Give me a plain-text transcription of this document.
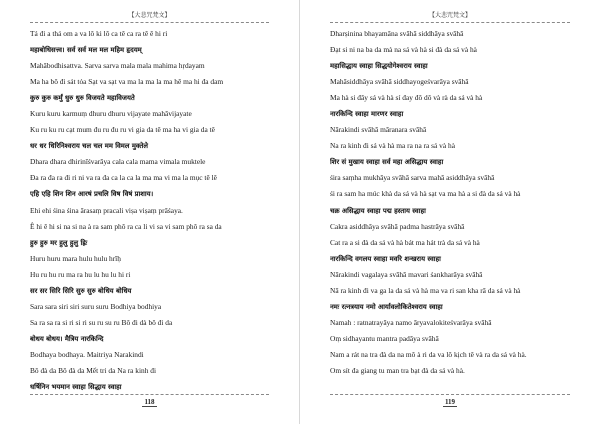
【大悲咒梵文】
Tá đi a thá om a va lô ki lô ca tê ca ra tê ê hi ri
महाबोधिसत्त्व। सर्व सर्व मल मल महिम हृदयम्
Mahābodhisattva. Sarva sarva mala mala mahima hṛdayam
Ma ha bô đi sát tỏa Sạt va sạt va ma la ma la ma hê ma hi đa dam
कुरु कुरु कर्मुं धुरु धुरु विजयते महाविजयते
Kuru kuru karmuṃ dhuru dhuru vijayate mahāvijayate
Ku ru ku ru cạt mum đu ru đu ru vi gia da tê ma ha vi gia da tê
धर धर धिरिनिश्वराय चल चल मम विमल मुक्तेले
Dhara dhara dhirinīśvarāya cala cala mama vimala muktele
Đa ra đa ra đi ri ni va ra đa ca la ca la ma ma vi ma la mục tê lê
एहि एहि शिन शिन आरषं प्रचलि विष विषं प्राशाय।
Ehi ehi śina śina ārasaṃ pracali viṣa viṣaṃ prāśaya.
Ê hi ê hi si na si na à ra sam phô ra ca li vi sa vi sam phô ra sa da
हुरु हुरु मर हुलु हुलु ह्रिः
Huru huru mara hulu hulu hrīḥ
Hu ru hu ru ma ra hu lu hu lu hi ri
सर सर सिरि सिरि सुरु सुरु बोधिय बोधिय
Sara sara siri siri suru suru Bodhiya bodhiya
Sa ra sa ra si ri si ri su ru su ru Bô đi dà bô đi da
बोधय बोधय। मैत्रिय नारकिन्दि
Bodhaya bodhaya. Maitriya Narakindi
Bô đà da Bô đà da Mết tri da Na ra kinh đi
धर्षिनिन भयमान स्वाहा सिद्धाय स्वाहा
118
【大悲咒梵文】
Dharṣinina bhayamāna svāhā siddhāya svāhā
Đạt si ni na ba da mà na sá và hà si đà da sá và hà
महासिद्धाय स्वाहा सिद्धयोगेश्वराय स्वाहा
Mahāsiddhāya svāhā siddhayogeśvarāya svāhā
Ma hà si đây sá và hà sí đay đô dô và rà da sá và hà
नारकिन्दि स्वाहा मारणर स्वाहा
Nārakindi svāhā māranara svāhā
Na ra kinh đi sá và hà ma ra na ra sá và hà
शिर सं मुखाय स्वाहा सर्व महा असिद्धाय स्वाहा
śira saṃha mukhāya svāhā sarva mahā asiddhāya svāhā
śi ra sam ha múc khà da sá và hà sạt va ma hà a si đà da sá và hà
चक्र असिद्धाय स्वाहा पद्म हस्ताय स्वाहा
Cakra asiddhāya svāhā padma hastrāya svāhā
Cat ra a si đà da sá và hà bát ma hát trà da sá và hà
नारकिन्दि वगलय स्वाहा मवरि शन्खराय स्वाहा
Nārakindi vagalaya svāhā mavari śankharāya svāhā
Nā ra kinh đi va ga la da sá và hà ma va ri san kha rā da sá và hà
नमः रत्नत्रयाय नमो आर्यावलोकितेश्वराय स्वाहा
Namah : ratnatrayāya namo āryavalokiteśvarāya svāhā
Oṃ sidhayantu mantra padāya svāhā
Nam a rát na tra đà da na mô à ri da va lô kịch tê và ra da sá và hà.
Om sít đa giang tu man tra bạt đà da sá và hà.
119
